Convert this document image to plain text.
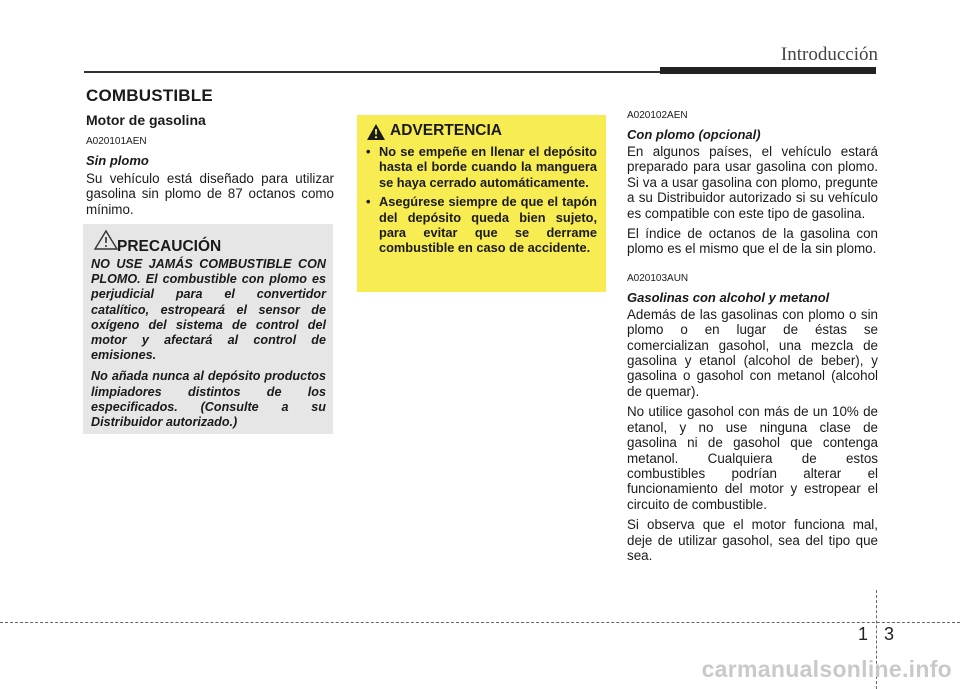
Introducción
COMBUSTIBLE
Motor de gasolina
A020101AEN
Sin plomo
Su vehículo está diseñado para utilizar gasolina sin plomo de 87 octanos como mínimo.
PRECAUCIÓN

NO USE JAMÁS COMBUSTIBLE CON PLOMO. El combustible con plomo es perjudicial para el convertidor catalítico, estropeará el sensor de oxígeno del sistema de control del motor y afectará al control de emisiones.

No añada nunca al depósito productos limpiadores distintos de los especificados. (Consulte a su Distribuidor autorizado.)

ADVERTENCIA
• No se empeñe en llenar el depósito hasta el borde cuando la manguera se haya cerrado automáticamente.
• Asegúrese siempre de que el tapón del depósito queda bien sujeto, para evitar que se derrame combustible en caso de accidente.
A020102AEN
Con plomo (opcional)

En algunos países, el vehículo estará preparado para usar gasolina con plomo. Si va a usar gasolina con plomo, pregunte a su Distribuidor autorizado si su vehículo es compatible con este tipo de gasolina.

El índice de octanos de la gasolina con plomo es el mismo que el de la sin plomo.

A020103AUN
Gasolinas con alcohol y metanol

Además de las gasolinas con plomo o sin plomo o en lugar de éstas se comercializan gasohol, una mezcla de gasolina y etanol (alcohol de beber), y gasolina o gasohol con metanol (alcohol de quemar).

No utilice gasohol con más de un 10% de etanol, y no use ninguna clase de gasolina ni de gasohol que contenga metanol. Cualquiera de estos combustibles podrían alterar el funcionamiento del motor y estropear el circuito de combustible.

Si observa que el motor funciona mal, deje de utilizar gasohol, sea del tipo que sea.

1 3
carmanualsonline.info
